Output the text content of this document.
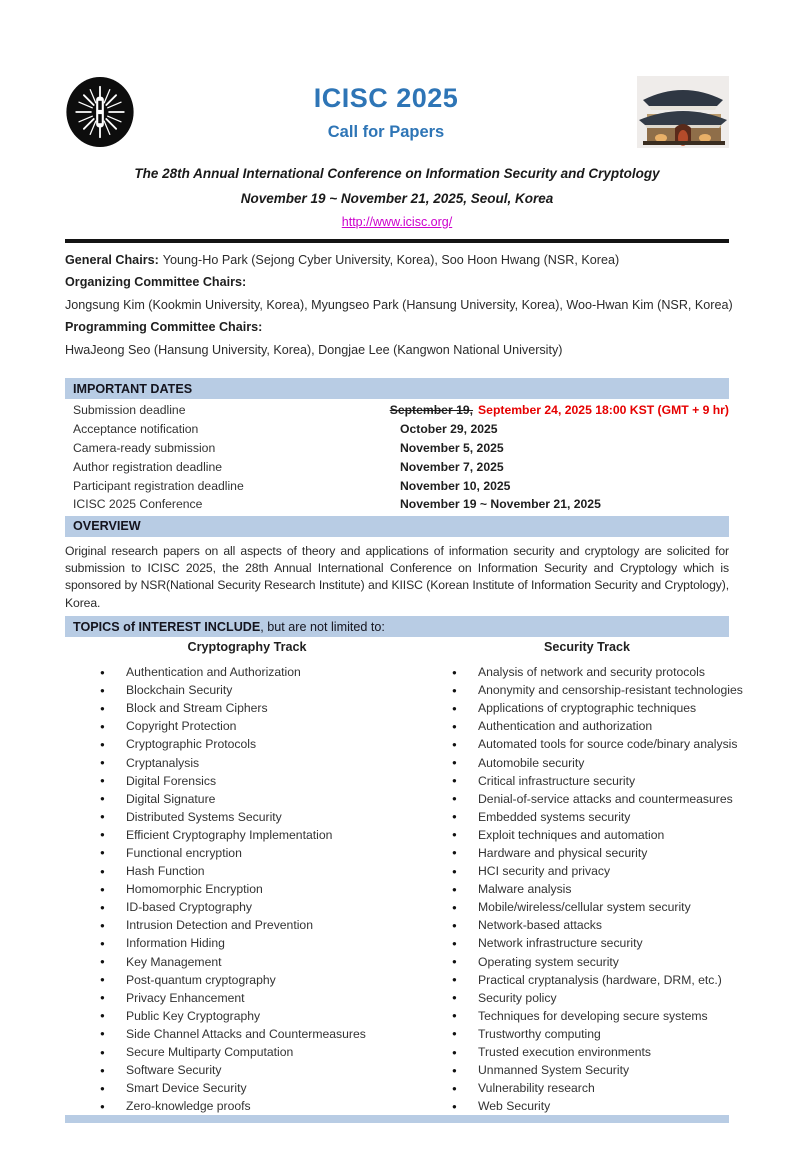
ICISC 2025
Call for Papers
The 28th Annual International Conference on Information Security and Cryptology
November 19 ~ November 21, 2025, Seoul, Korea
http://www.icisc.org/
General Chairs: Young-Ho Park (Sejong Cyber University, Korea), Soo Hoon Hwang (NSR, Korea)
Organizing Committee Chairs:
Jongsung Kim (Kookmin University, Korea), Myungseo Park (Hansung University, Korea), Woo-Hwan Kim (NSR, Korea)
Programming Committee Chairs:
HwaJeong Seo (Hansung University, Korea), Dongjae Lee (Kangwon National University)
IMPORTANT DATES
Submission deadline	September 19, September 24, 2025 18:00 KST (GMT + 9 hr)
Acceptance notification	October 29, 2025
Camera-ready submission	November 5, 2025
Author registration deadline	November 7, 2025
Participant registration deadline	November 10, 2025
ICISC 2025 Conference	November 19 ~ November 21, 2025
OVERVIEW
Original research papers on all aspects of theory and applications of information security and cryptology are solicited for submission to ICISC 2025, the 28th Annual International Conference on Information Security and Cryptology which is sponsored by NSR(National Security Research Institute) and KIISC (Korean Institute of Information Security and Cryptology), Korea.
TOPICS of INTEREST INCLUDE , but are not limited to:
Cryptography Track	Security Track
●	Authentication and Authorization
●	Blockchain Security
●	Block and Stream Ciphers
●	Copyright Protection
●	Cryptographic Protocols
●	Cryptanalysis
●	Digital Forensics
●	Digital Signature
●	Distributed Systems Security
●	Efficient Cryptography Implementation
●	Functional encryption
●	Hash Function
●	Homomorphic Encryption
●	ID-based Cryptography
●	Intrusion Detection and Prevention
●	Information Hiding
●	Key Management
●	Post-quantum cryptography
●	Privacy Enhancement
●	Public Key Cryptography
●	Side Channel Attacks and Countermeasures
●	Secure Multiparty Computation
●	Software Security
●	Smart Device Security
●	Zero-knowledge proofs
●	Analysis of network and security protocols
●	Anonymity and censorship-resistant technologies
●	Applications of cryptographic techniques
●	Authentication and authorization
●	Automated tools for source code/binary analysis
●	Automobile security
●	Critical infrastructure security
●	Denial-of-service attacks and countermeasures
●	Embedded systems security
●	Exploit techniques and automation
●	Hardware and physical security
●	HCI security and privacy
●	Malware analysis
●	Mobile/wireless/cellular system security
●	Network-based attacks
●	Network infrastructure security
●	Operating system security
●	Practical cryptanalysis (hardware, DRM, etc.)
●	Security policy
●	Techniques for developing secure systems
●	Trustworthy computing
●	Trusted execution environments
●	Unmanned System Security
●	Vulnerability research
●	Web Security
